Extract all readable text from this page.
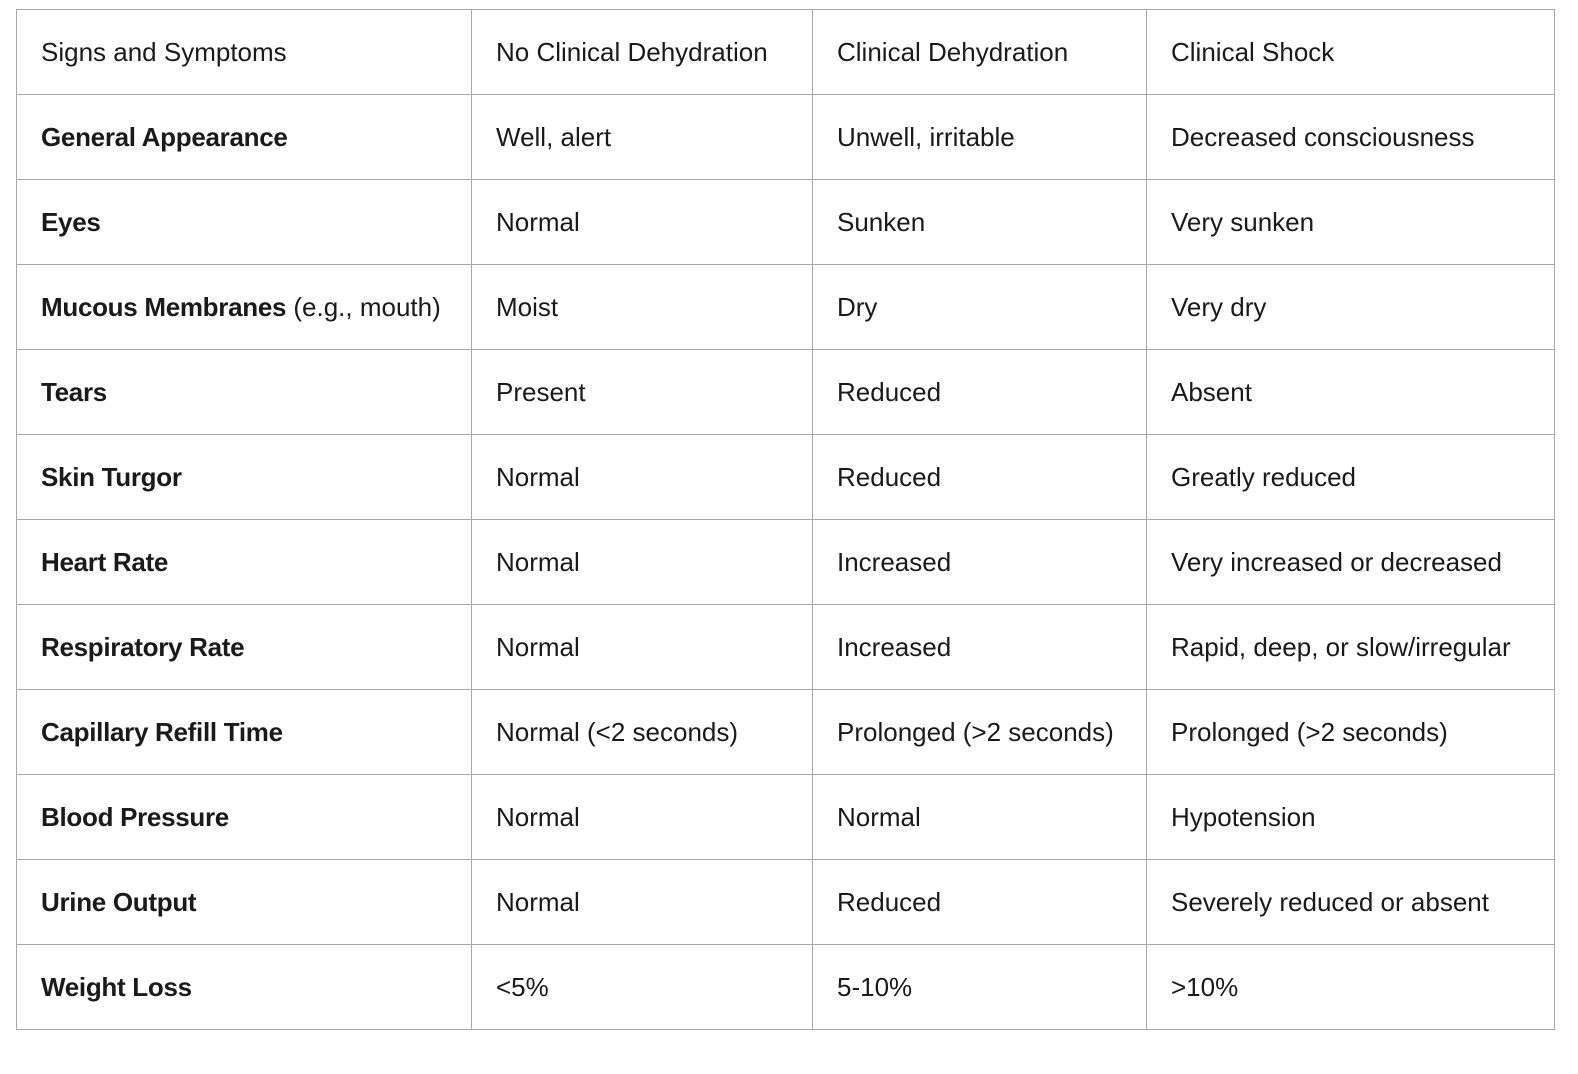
Signs and Symptoms	No Clinical Dehydration	Clinical Dehydration	Clinical Shock
General Appearance	Well, alert	Unwell, irritable	Decreased consciousness
Eyes	Normal	Sunken	Very sunken
Mucous Membranes (e.g., mouth)	Moist	Dry	Very dry
Tears	Present	Reduced	Absent
Skin Turgor	Normal	Reduced	Greatly reduced
Heart Rate	Normal	Increased	Very increased or decreased
Respiratory Rate	Normal	Increased	Rapid, deep, or slow/irregular
Capillary Refill Time	Normal (<2 seconds)	Prolonged (>2 seconds)	Prolonged (>2 seconds)
Blood Pressure	Normal	Normal	Hypotension
Urine Output	Normal	Reduced	Severely reduced or absent
Weight Loss	<5%	5-10%	>10%
